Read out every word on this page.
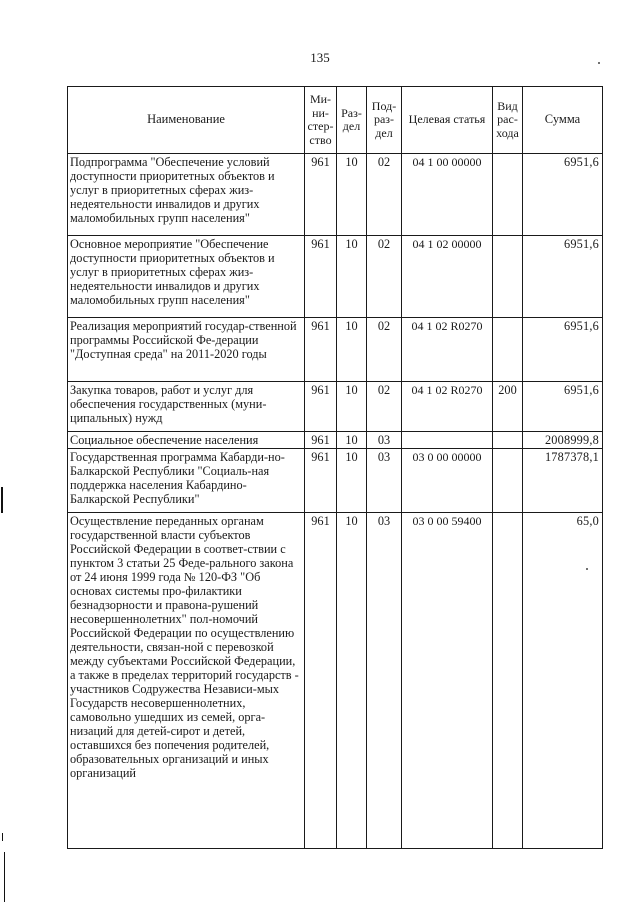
135
Наименование	Ми-ни-стер-ство	Раз-дел	Под-раз-дел	Целевая статья	Вид рас-хода	Сумма
Подпрограмма "Обеспечение условий доступности приоритетных объектов и услуг в приоритетных сферах жиз-недеятельности инвалидов и других маломобильных групп населения"	961	10	02	04 1 00 00000		6951,6
Основное мероприятие "Обеспечение доступности приоритетных объектов и услуг в приоритетных сферах жиз-недеятельности инвалидов и других маломобильных групп населения"	961	10	02	04 1 02 00000		6951,6
Реализация мероприятий государ-ственной программы Российской Фе-дерации "Доступная среда" на 2011-2020 годы	961	10	02	04 1 02 R0270		6951,6
Закупка товаров, работ и услуг для обеспечения государственных (муни-ципальных) нужд	961	10	02	04 1 02 R0270	200	6951,6
Социальное обеспечение населения	961	10	03			2008999,8
Государственная программа Кабарди-но-Балкарской Республики "Социаль-ная поддержка населения Кабардино-Балкарской Республики"	961	10	03	03 0 00 00000		1787378,1
Осуществление переданных органам государственной власти субъектов Российской Федерации в соответ-ствии с пунктом 3 статьи 25 Феде-рального закона от 24 июня 1999 года № 120-ФЗ "Об основах системы про-филактики безнадзорности и правона-рушений несовершеннолетних" пол-номочий Российской Федерации по осуществлению деятельности, связан-ной с перевозкой между субъектами Российской Федерации, а также в пределах территорий государств - участников Содружества Независи-мых Государств несовершеннолетних, самовольно ушедших из семей, орга-низаций для детей-сирот и детей, оставшихся без попечения родителей, образовательных организаций и иных организаций	961	10	03	03 0 00 59400		65,0
